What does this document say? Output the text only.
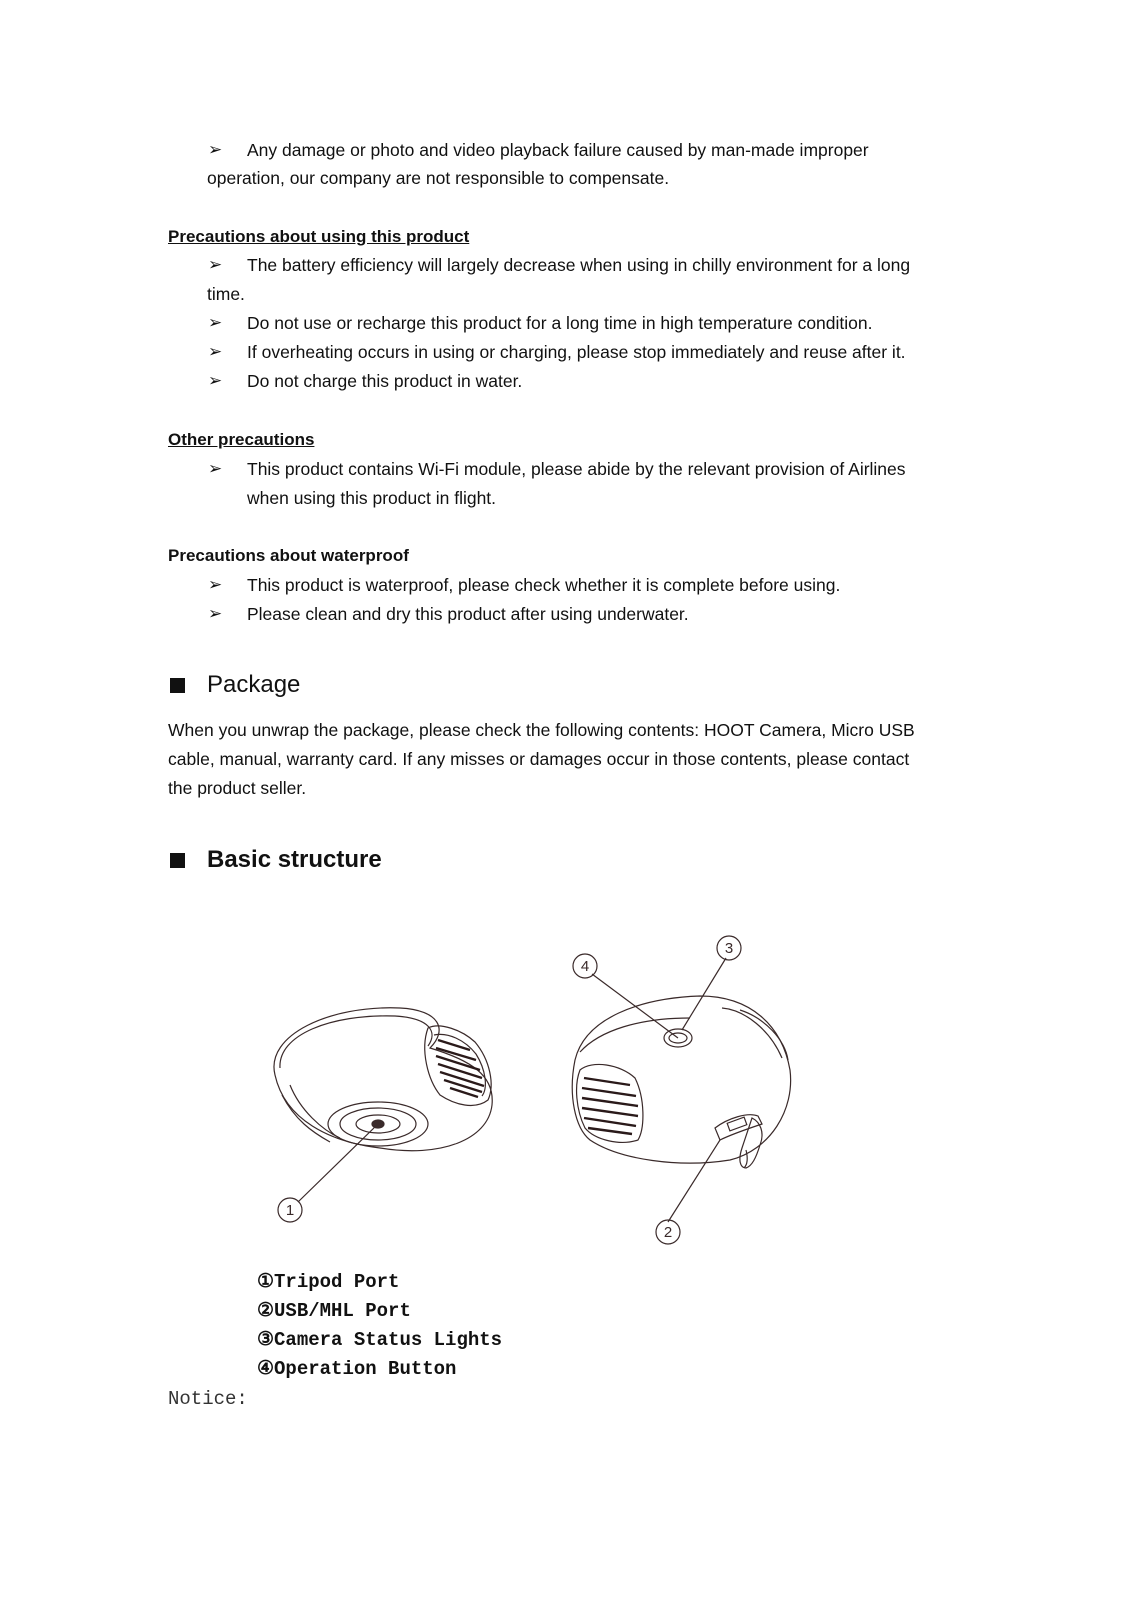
➢ Any damage or photo and video playback failure caused by man-made improper
operation, our company are not responsible to compensate.
Precautions about using this product
➢ The battery efficiency will largely decrease when using in chilly environment for a long
time.
➢ Do not use or recharge this product for a long time in high temperature condition.
➢ If overheating occurs in using or charging, please stop immediately and reuse after it.
➢ Do not charge this product in water.
Other precautions
➢ This product contains Wi-Fi module, please abide by the relevant provision of Airlines
when using this product in flight.
Precautions about waterproof
➢ This product is waterproof, please check whether it is complete before using.
➢ Please clean and dry this product after using underwater.
Package
When you unwrap the package, please check the following contents: HOOT Camera, Micro USB
cable, manual, warranty card. If any misses or damages occur in those contents, please contact
the product seller.
Basic structure
1
2
3
4
①Tripod Port
②USB/MHL Port
③Camera Status Lights
④Operation Button
Notice:
